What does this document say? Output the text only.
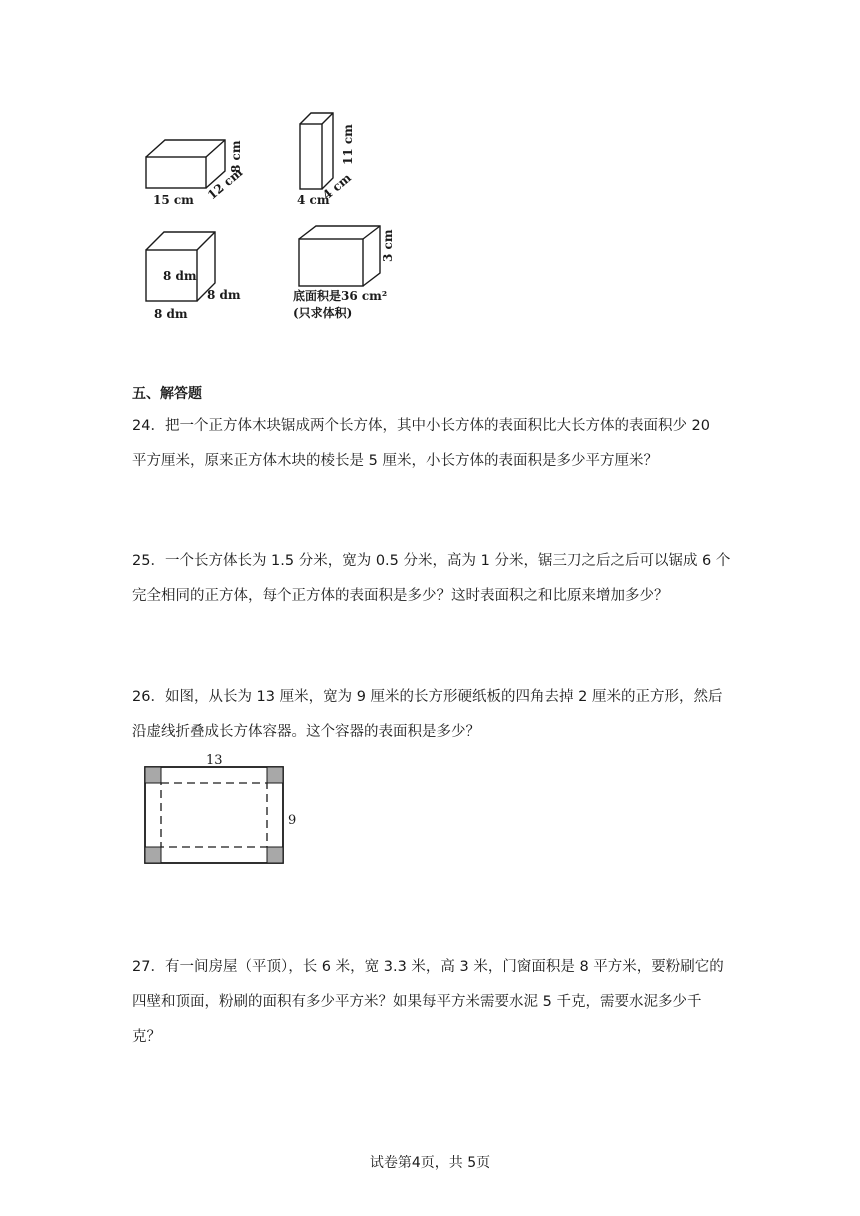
15 cm 12 cm
8 cm
4 cm
4 cm
11 cm
8 dm
8 dm
8 dm
3 cm
底面积是36 cm²
(只求体积)
五、解答题

24．把一个正方体木块锯成两个长方体，其中小长方体的表面积比大长方体的表面积少 20

平方厘米，原来正方体木块的棱长是 5 厘米，小长方体的表面积是多少平方厘米？

25．一个长方体长为 1.5 分米，宽为 0.5 分米，高为 1 分米，锯三刀之后之后可以锯成 6 个

完全相同的正方体，每个正方体的表面积是多少？这时表面积之和比原来增加多少？

26．如图，从长为 13 厘米，宽为 9 厘米的长方形硬纸板的四角去掉 2 厘米的正方形，然后

沿虚线折叠成长方体容器。这个容器的表面积是多少？

13
9

27．有一间房屋（平顶），长 6 米，宽 3.3 米，高 3 米，门窗面积是 8 平方米，要粉刷它的

四壁和顶面，粉刷的面积有多少平方米？如果每平方米需要水泥 5 千克，需要水泥多少千

克？

试卷第4页，共 5页
